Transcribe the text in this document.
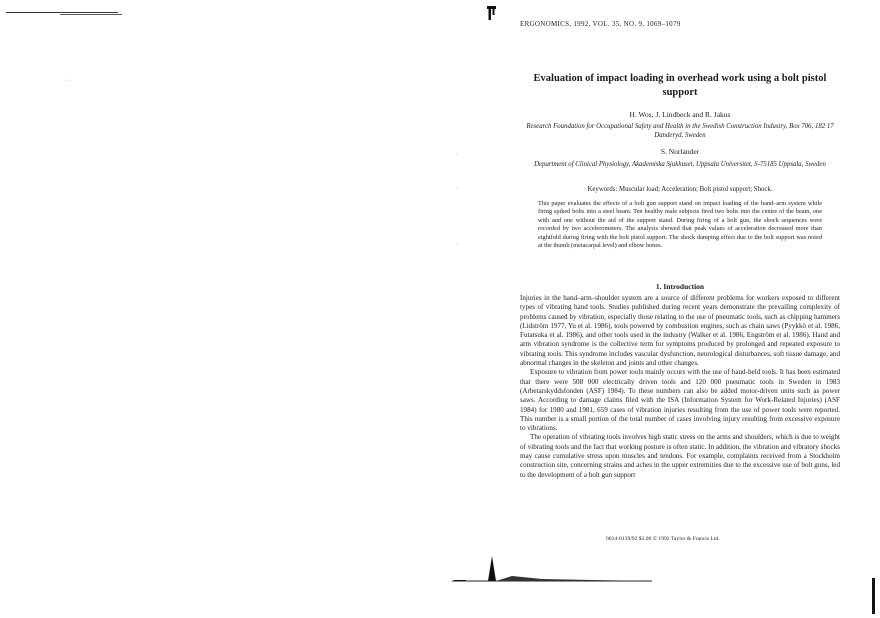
·
·
·
· ·
ERGONOMICS, 1992, VOL. 35, NO. 9, 1069–1079
Evaluation of impact loading in overhead work using a bolt pistol support
H. Wos, J. Lindbeck and R. Jakus
Research Foundation for Occupational Safety and Health in the Swedish Construction Industry, Box 706, 182 17 Danderyd, Sweden
S. Norlander
Department of Clinical Physiology, Akademiska Sjukhuset, Uppsala Universitet, S-75185 Uppsala, Sweden
Keywords: Muscular load; Acceleration; Bolt pistol support; Shock.
This paper evaluates the effects of a bolt gun support stand on impact loading of the hand–arm system while firing spiked bolts into a steel beam. Ten healthy male subjects fired two bolts into the centre of the beam, one with and one without the aid of the support stand. During firing of a bolt gun, the shock sequences were recorded by two accelerometers. The analysis showed that peak values of acceleration decreased more than eightfold during firing with the bolt pistol support. The shock damping effect due to the bolt support was noted at the thumb (metacarpal level) and elbow bones.
1. Introduction

Injuries in the hand–arm–shoulder system are a source of different problems for workers exposed to different types of vibrating hand tools. Studies published during recent years demonstrate the prevailing complexity of problems caused by vibration, especially those relating to the use of pneumatic tools, such as chipping hammers (Lidström 1977, Yu et al. 1986), tools powered by combustion engines, such as chain saws (Pyykkö et al. 1986, Futatsuka et al. 1986), and other tools used in the industry (Walker et al. 1986, Engström et al. 1986). Hand and arm vibration syndrome is the collective term for symptoms produced by prolonged and repeated exposure to vibrating tools. This syndrome includes vascular dysfunction, neurological disturbances, soft tissue damage, and abnormal changes in the skeleton and joints and other changes.

Exposure to vibration from power tools mainly occurs with the use of hand-held tools. It has been estimated that there were 508 000 electrically driven tools and 120 000 pneumatic tools in Sweden in 1983 (Arbetarskyddsfonden (ASF) 1984). To these numbers can also be added motor-driven units such as power saws. According to damage claims filed with the ISA (Information System for Work-Related Injuries) (ASF 1984) for 1980 and 1981, 659 cases of vibration injuries resulting from the use of power tools were reported. This number is a small portion of the total number of cases involving injury resulting from excessive exposure to vibrations.

The operation of vibrating tools involves high static stress on the arms and shoulders, which is due to weight of vibrating tools and the fact that working posture is often static. In addition, the vibration and vibratory shocks may cause cumulative stress upon muscles and tendons. For example, complaints received from a Stockholm construction site, concerning strains and aches in the upper extremities due to the excessive use of bolt guns, led to the development of a bolt gun support

0014-0139/92 $3.00 © 1992 Taylor & Francis Ltd.
